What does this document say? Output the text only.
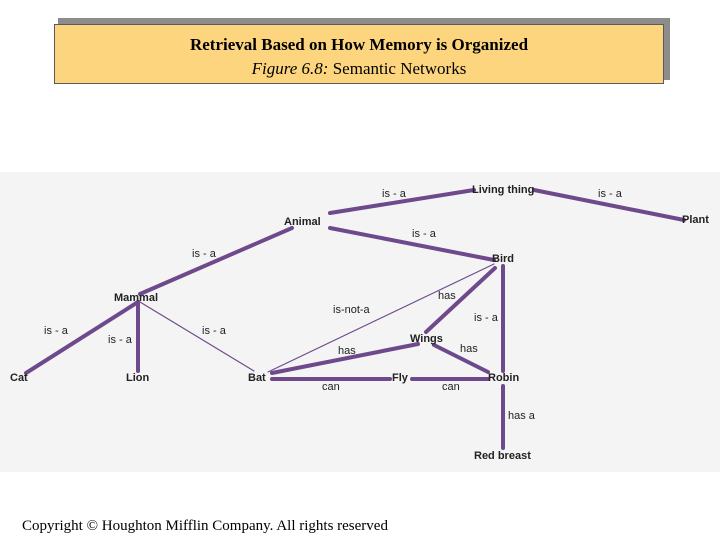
Retrieval Based on How Memory is Organized
Figure 6.8: Semantic Networks
Living thing
Plant
Animal
Bird
Mammal
Wings
Cat	Lion	Bat	Fly	Robin
Red breast
is - a	is - a
is - a
is - a
is - a
is - a
is - a
is-not-a
has
is - a
has	has
can	can
has a
Copyright © Houghton Mifflin Company. All rights reserved
